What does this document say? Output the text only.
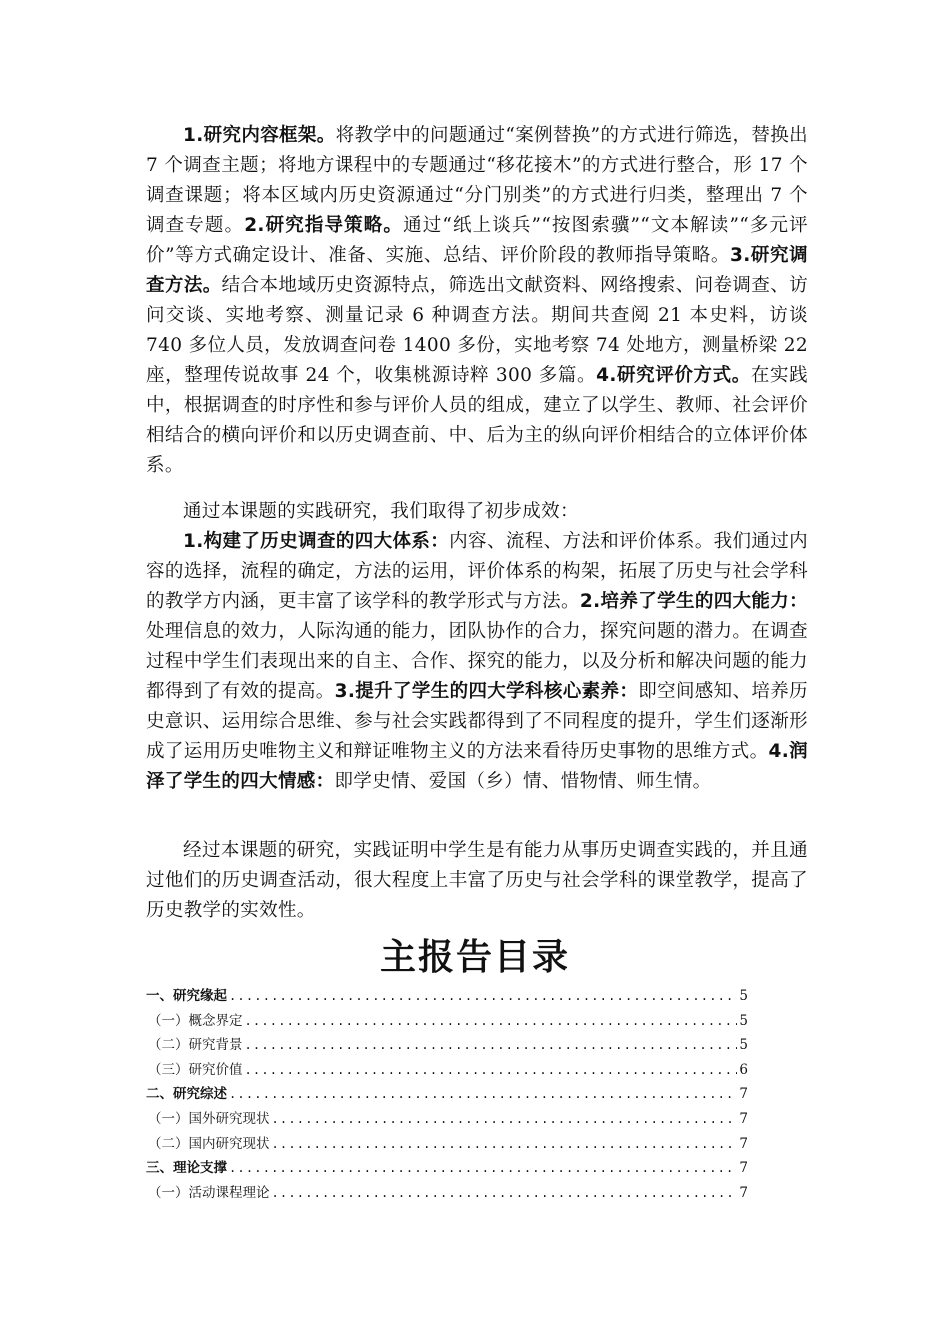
1.研究内容框架。将教学中的问题通过“案例替换”的方式进行筛选，替换出 7 个调查主题；将地方课程中的专题通过“移花接木”的方式进行整合，形 17 个调查课题；将本区域内历史资源通过“分门别类”的方式进行归类，整理出 7 个调查专题。2.研究指导策略。通过“纸上谈兵”“按图索骥”“文本解读”“多元评价”等方式确定设计、准备、实施、总结、评价阶段的教师指导策略。3.研究调查方法。结合本地域历史资源特点，筛选出文献资料、网络搜索、问卷调查、访问交谈、实地考察、测量记录 6 种调查方法。期间共查阅 21 本史料，访谈 740 多位人员，发放调查问卷 1400 多份，实地考察 74 处地方，测量桥梁 22 座，整理传说故事 24 个，收集桃源诗粹 300 多篇。4.研究评价方式。在实践中，根据调查的时序性和参与评价人员的组成，建立了以学生、教师、社会评价相结合的横向评价和以历史调查前、中、后为主的纵向评价相结合的立体评价体系。

通过本课题的实践研究，我们取得了初步成效：

1.构建了历史调查的四大体系：内容、流程、方法和评价体系。我们通过内容的选择，流程的确定，方法的运用，评价体系的构架，拓展了历史与社会学科的教学方内涵，更丰富了该学科的教学形式与方法。2.培养了学生的四大能力：处理信息的效力，人际沟通的能力，团队协作的合力，探究问题的潜力。在调查过程中学生们表现出来的自主、合作、探究的能力，以及分析和解决问题的能力都得到了有效的提高。3.提升了学生的四大学科核心素养：即空间感知、培养历史意识、运用综合思维、参与社会实践都得到了不同程度的提升，学生们逐渐形成了运用历史唯物主义和辩证唯物主义的方法来看待历史事物的思维方式。4.润泽了学生的四大情感：即学史情、爱国（乡）情、惜物情、师生情。

经过本课题的研究，实践证明中学生是有能力从事历史调查实践的，并且通过他们的历史调查活动，很大程度上丰富了历史与社会学科的课堂教学，提高了历史教学的实效性。

主报告目录
一、研究缘起 .....	5
（一）概念界定 .....	5
（二）研究背景 .....	5
（三）研究价值 .....	6
二、研究综述 .....	7
（一）国外研究现状 .....	7
（二）国内研究现状 .....	7
三、理论支撑 .....	7
（一）活动课程理论 .....	7
